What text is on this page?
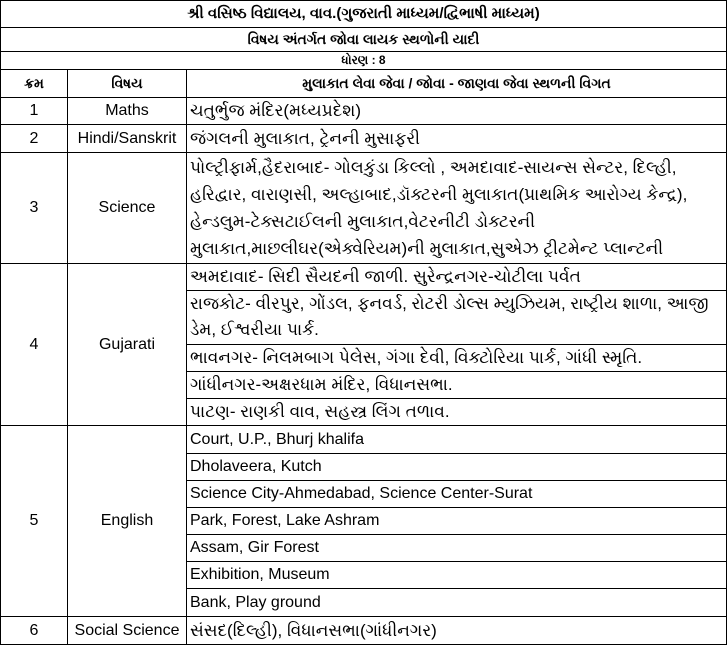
શ્રી વસિષ્ઠ વિદ્યાલય, વાવ.(ગુજરાતી માધ્યમ/દ્વિભાષી માધ્યમ)		

વિષય અંતર્ગત જોવા લાયક સ્થળોની યાદી		

ધોરણ : 8		

ક્રમ	વિષય	મુલાકાત લેવા જેવા / જોવા - જાણવા જેવા સ્થળની વિગત

1	Maths	ચતુર્ભુજ મંદિર(મધ્યપ્રદેશ)

2	Hindi/Sanskrit	જંગલની મુલાકાત, ટ્રેનની મુસાફરી

3	Science	પોલ્ટ્રીફાર્મ,હૈદરાબાદ- ગોલકુંડા કિલ્લો , અમદાવાદ-સાયન્સ સેન્ટર, દિલ્હી, હરિદ્વાર, વારાણસી, અલ્હાબાદ,ડૉક્ટરની મુલાકાત(પ્રાથમિક આરોગ્ય કેન્દ્ર), હેન્ડલુમ-ટેક્સટાઈલની મુલાકાત,વેટરનીટી ડોક્ટરની મુલાકાત,માછલીઘર(એક્વેરિયમ)ની મુલાકાત,સુએઝ ટ્રીટમેન્ટ પ્લાન્ટની

4	Gujarati	અમદાવાદ- સિદી સૈયદની જાળી. સુરેન્દ્રનગર-ચોટીલા પર્વત

		રાજકોટ- વીરપુર, ગોંડલ, ફનવર્ડ, રોટરી ડોલ્સ મ્યુઝિયમ, રાષ્ટ્રીય શાળા, આજી ડેમ, ઈશ્વરીયા પાર્ક.

		ભાવનગર- નિલમબાગ પેલેસ, ગંગા દેવી, વિક્ટોરિયા પાર્ક, ગાંધી સ્મૃતિ.

		ગાંધીનગર-અક્ષરધામ મંદિર, વિધાનસભા.

		પાટણ- રાણકી વાવ, સહસ્ત્ર લિંગ તળાવ.

5	English	Court, U.P., Bhurj khalifa

		Dholaveera, Kutch

		Science City-Ahmedabad, Science Center-Surat

		Park, Forest, Lake Ashram

		Assam, Gir Forest

		Exhibition, Museum

		Bank, Play ground

6	Social Science	સંસદ(દિલ્હી), વિધાનસભા(ગાંધીનગર)
